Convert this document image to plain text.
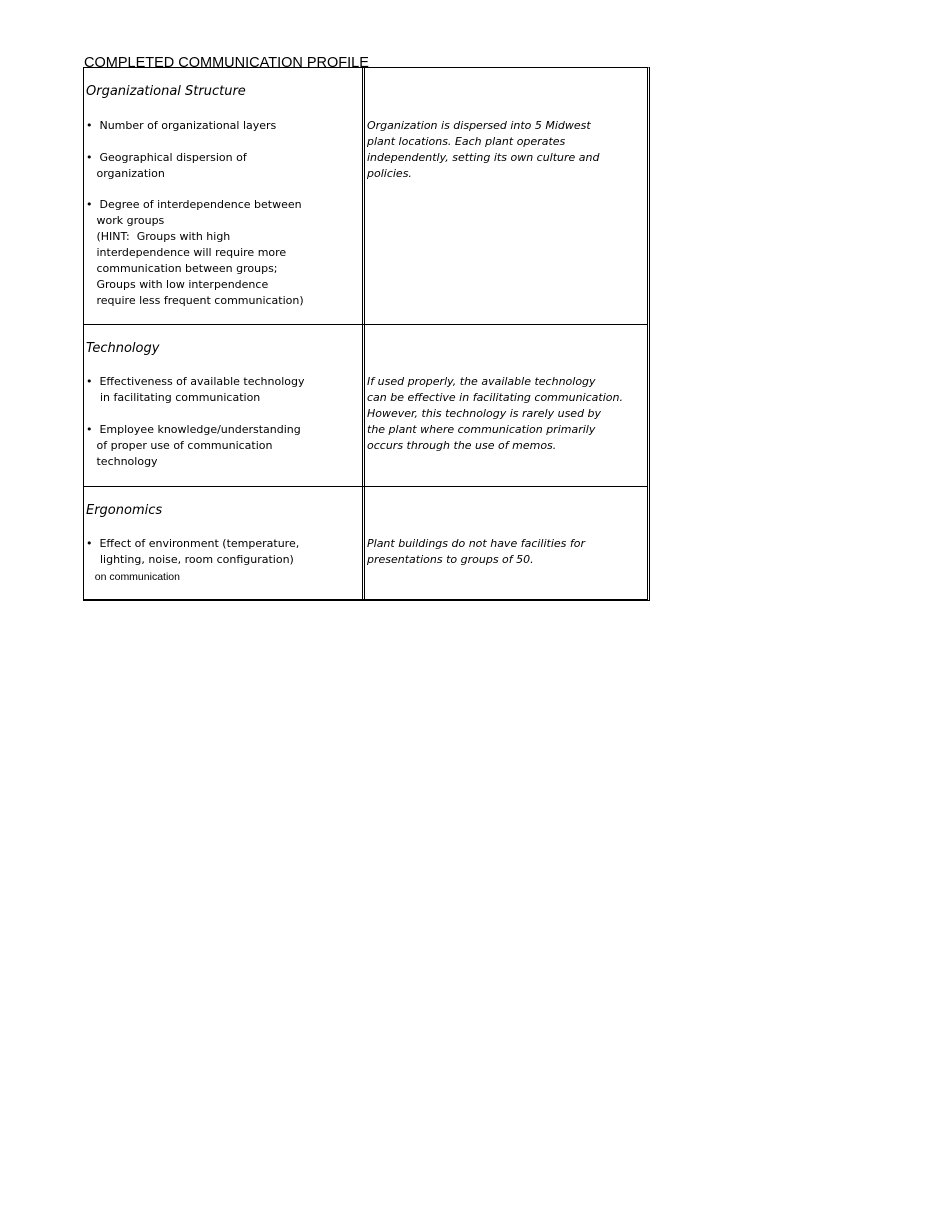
COMPLETED COMMUNICATION PROFILE
Organizational Structure
•  Number of organizational layers
•  Geographical dispersion of
organization
•  Degree of interdependence between
work groups
(HINT:  Groups with high
interdependence will require more
communication between groups;
Groups with low interpendence
require less frequent communication)
Organization is dispersed into 5 Midwest
plant locations. Each plant operates
independently, setting its own culture and
policies.
Technology
•  Effectiveness of available technology
in facilitating communication
•  Employee knowledge/understanding
of proper use of communication
technology
If used properly, the available technology
can be effective in facilitating communication.
However, this technology is rarely used by
the plant where communication primarily
occurs through the use of memos.
Ergonomics
•  Effect of environment (temperature,
lighting, noise, room configuration)
on communication
Plant buildings do not have facilities for
presentations to groups of 50.
